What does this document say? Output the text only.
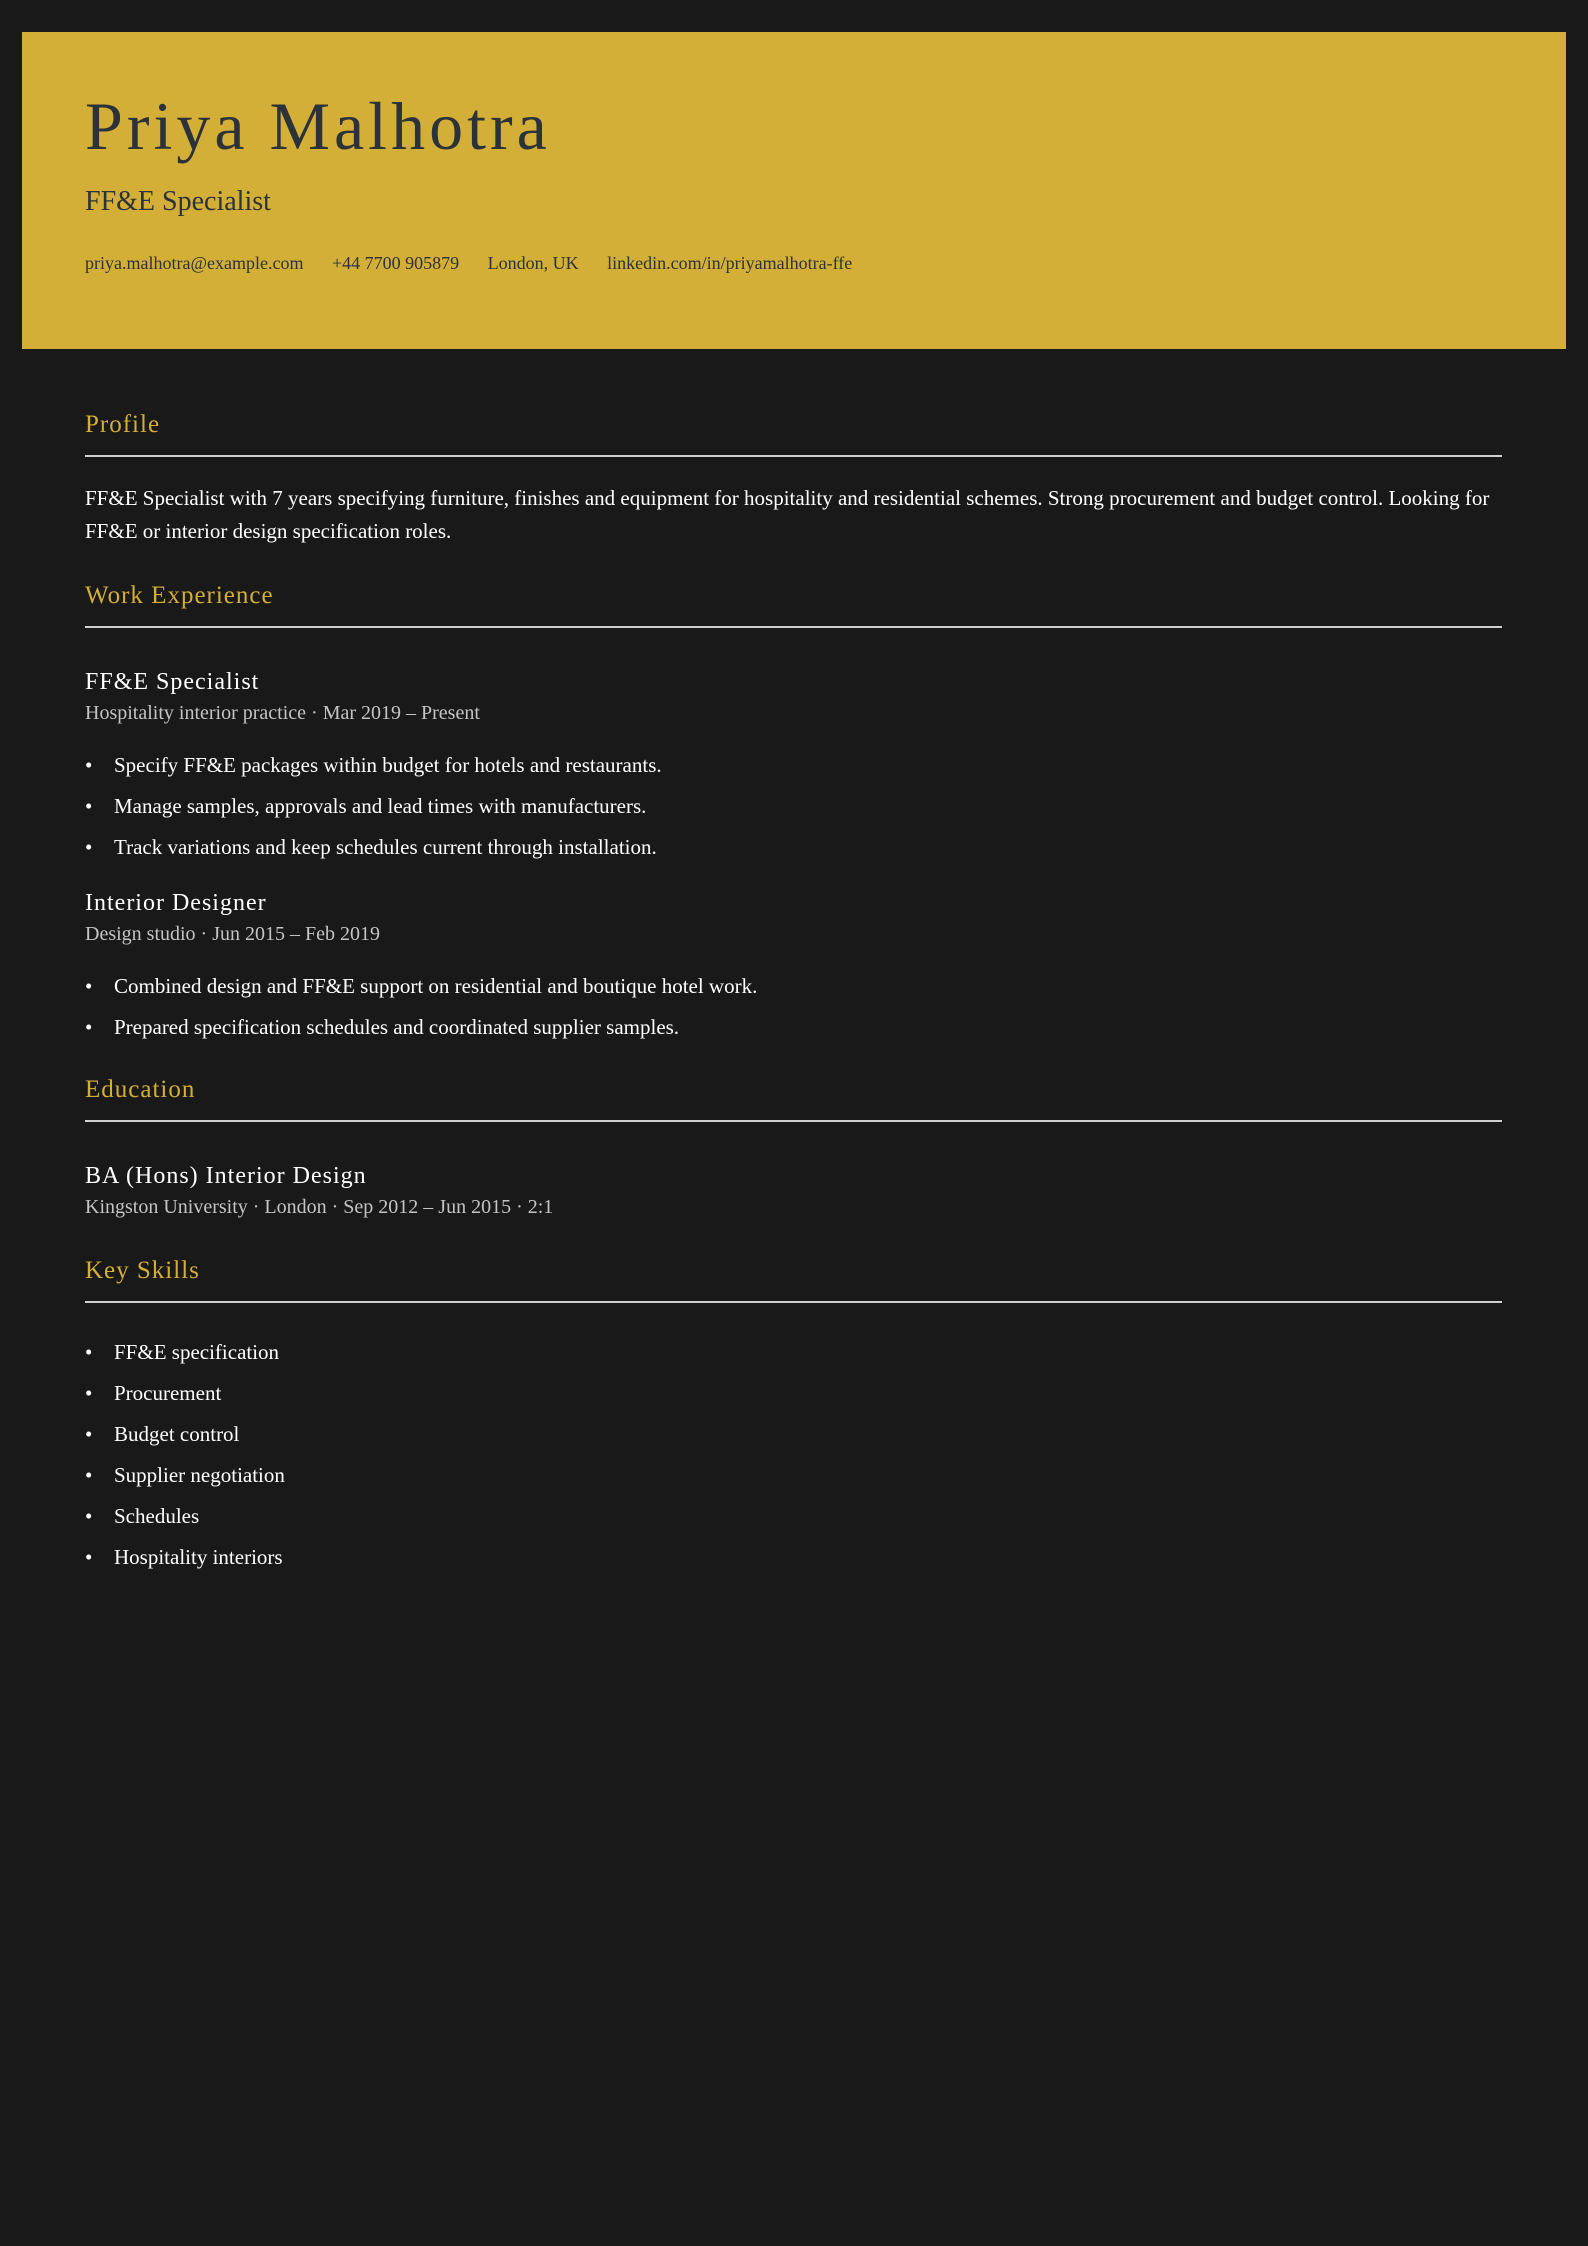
Priya Malhotra
FF&E Specialist
priya.malhotra@example.com +44 7700 905879 London, UK linkedin.com/in/priyamalhotra-ffe
Profile

FF&E Specialist with 7 years specifying furniture, finishes and equipment for hospitality and residential schemes. Strong procurement and budget control. Looking for FF&E or interior design specification roles.

Work Experience
FF&E Specialist
Hospitality interior practice · Mar 2019 – Present
• Specify FF&E packages within budget for hotels and restaurants.
• Manage samples, approvals and lead times with manufacturers.
• Track variations and keep schedules current through installation.
Interior Designer
Design studio · Jun 2015 – Feb 2019
• Combined design and FF&E support on residential and boutique hotel work.
• Prepared specification schedules and coordinated supplier samples.
Education
BA (Hons) Interior Design
Kingston University · London · Sep 2012 – Jun 2015 · 2:1
Key Skills
• FF&E specification
• Procurement
• Budget control
• Supplier negotiation
• Schedules
• Hospitality interiors
